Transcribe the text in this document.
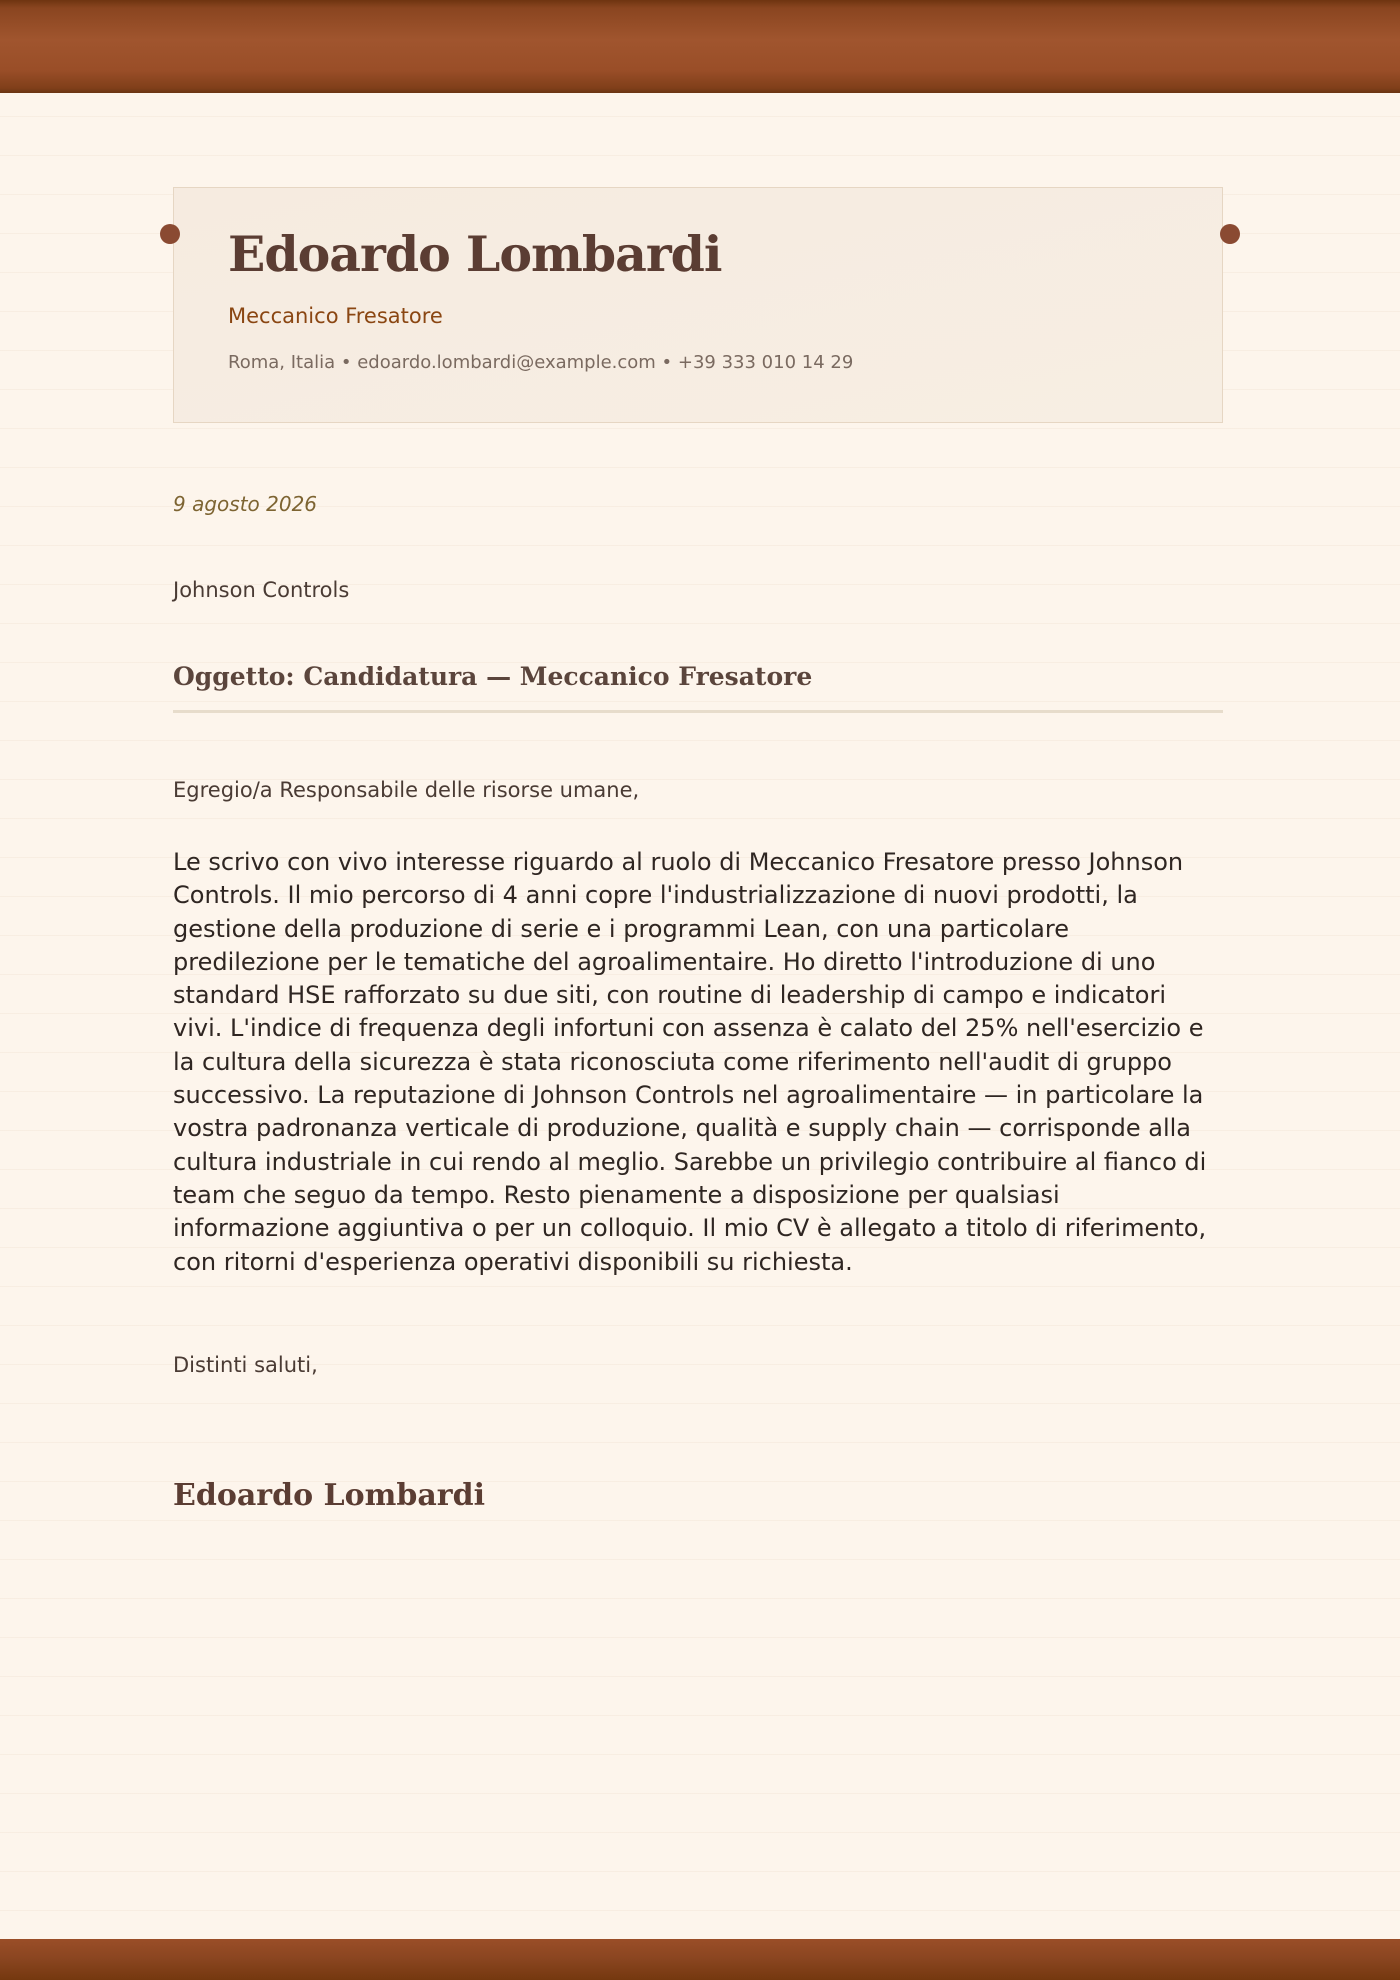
Edoardo Lombardi
Meccanico Fresatore
Roma, Italia • edoardo.lombardi@example.com • +39 333 010 14 29
9 agosto 2026
Johnson Controls
Oggetto: Candidatura — Meccanico Fresatore
Egregio/a Responsabile delle risorse umane,
Le scrivo con vivo interesse riguardo al ruolo di Meccanico Fresatore presso Johnson Controls. Il mio percorso di 4 anni copre l'industrializzazione di nuovi prodotti, la gestione della produzione di serie e i programmi Lean, con una particolare predilezione per le tematiche del agroalimentaire. Ho diretto l'introduzione di uno standard HSE rafforzato su due siti, con routine di leadership di campo e indicatori vivi. L'indice di frequenza degli infortuni con assenza è calato del 25% nell'esercizio e la cultura della sicurezza è stata riconosciuta come riferimento nell'audit di gruppo successivo. La reputazione di Johnson Controls nel agroalimentaire — in particolare la vostra padronanza verticale di produzione, qualità e supply chain — corrisponde alla cultura industriale in cui rendo al meglio. Sarebbe un privilegio contribuire al fianco di team che seguo da tempo. Resto pienamente a disposizione per qualsiasi informazione aggiuntiva o per un colloquio. Il mio CV è allegato a titolo di riferimento, con ritorni d'esperienza operativi disponibili su richiesta.
Distinti saluti,
Edoardo Lombardi
